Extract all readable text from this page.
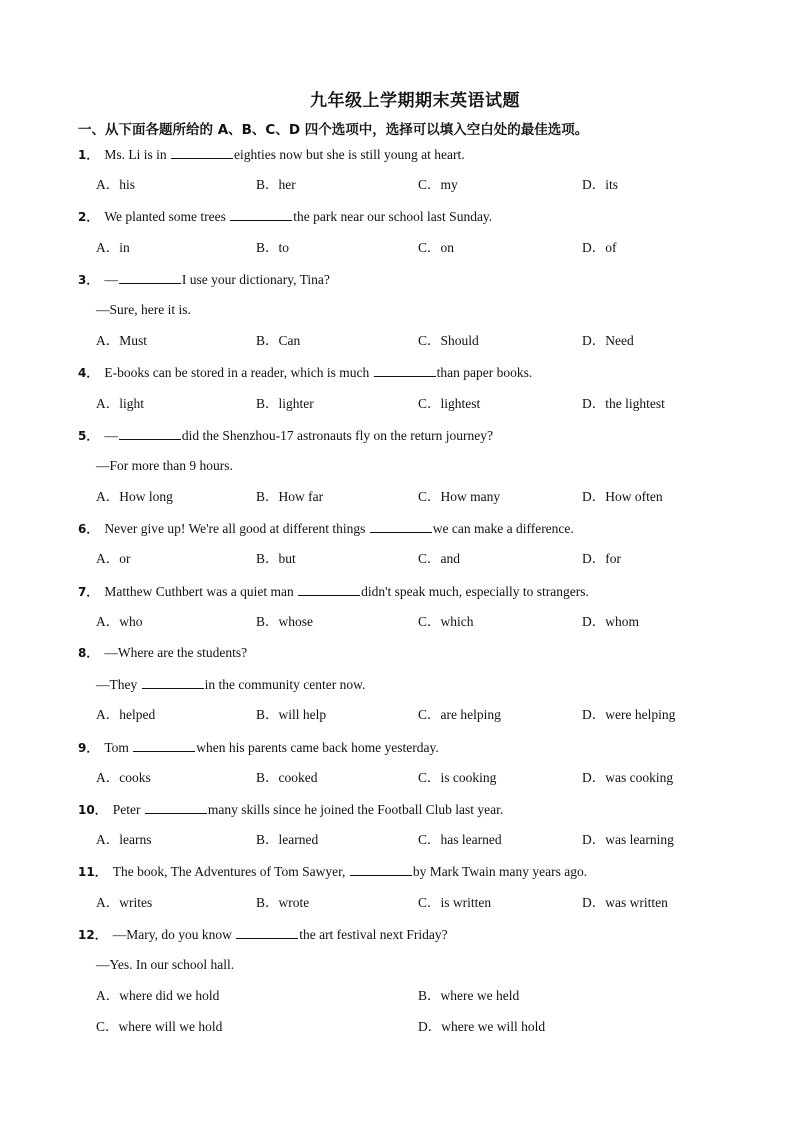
九年级上学期期末英语试题
一、从下面各题所给的 A、B、C、D 四个选项中，选择可以填入空白处的最佳选项。
1． Ms. Li is in	eighties now but she is still young at heart.
A．his	B．her	C．my	D．its
2． We planted some trees	the park near our school last Sunday.
A．in	B．to	C．on	D．of
3． —	I use your dictionary, Tina?
—Sure, here it is.
A．Must	B．Can	C．Should	D．Need
4． E-books can be stored in a reader, which is much	than paper books.
A．light	B．lighter	C．lightest	D．the lightest
5． —	did the Shenzhou-17 astronauts fly on the return journey?
—For more than 9 hours.
A．How long	B．How far	C．How many	D．How often
6． Never give up! We're all good at different things	we can make a difference.
A．or	B．but	C．and	D．for
7． Matthew Cuthbert was a quiet man	didn't speak much, especially to strangers.
A．who	B．whose	C．which	D．whom
8． —Where are the students?
—They	in the community center now.
A．helped	B．will help	C．are helping	D．were helping
9． Tom	when his parents came back home yesterday.
A．cooks	B．cooked	C．is cooking	D．was cooking
10． Peter	many skills since he joined the Football Club last year.
A．learns	B．learned	C．has learned	D．was learning
11． The book, The Adventures of Tom Sawyer,	by Mark Twain many years ago.
A．writes	B．wrote	C．is written	D．was written
12． —Mary, do you know	the art festival next Friday?
—Yes. In our school hall.
A．where did we hold	B．where we held
C．where will we hold	D．where we will hold
